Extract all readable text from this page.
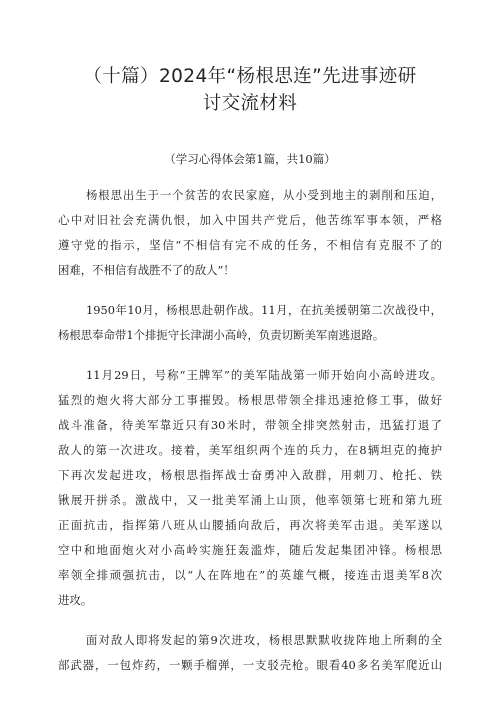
（十篇）2024年“杨根思连”先进事迹研
讨交流材料
（学习心得体会第1篇，共10篇）
杨根思出生于一个贫苦的农民家庭，从小受到地主的剥削和压迫，
心中对旧社会充满仇恨，加入中国共产党后，他苦练军事本领，严格
遵守党的指示，坚信“不相信有完不成的任务，不相信有克服不了的
困难，不相信有战胜不了的敌人”！
1950年10月，杨根思赴朝作战。11月，在抗美援朝第二次战役中，
杨根思奉命带1个排扼守长津湖小高岭，负责切断美军南逃退路。
11月29日，号称“王牌军”的美军陆战第一师开始向小高岭进攻。
猛烈的炮火将大部分工事摧毁。杨根思带领全排迅速抢修工事，做好
战斗准备，待美军靠近只有30米时，带领全排突然射击，迅猛打退了
敌人的第一次进攻。接着，美军组织两个连的兵力，在8辆坦克的掩护
下再次发起进攻，杨根思指挥战士奋勇冲入敌群，用刺刀、枪托、铁
锹展开拼杀。激战中，又一批美军涌上山顶，他率领第七班和第九班
正面抗击，指挥第八班从山腰插向敌后，再次将美军击退。美军遂以
空中和地面炮火对小高岭实施狂轰滥炸，随后发起集团冲锋。杨根思
率领全排顽强抗击，以“人在阵地在”的英雄气概，接连击退美军8次
进攻。
面对敌人即将发起的第9次进攻，杨根思默默收拢阵地上所剩的全
部武器，一包炸药，一颗手榴弹，一支驳壳枪。眼看40多名美军爬近山
